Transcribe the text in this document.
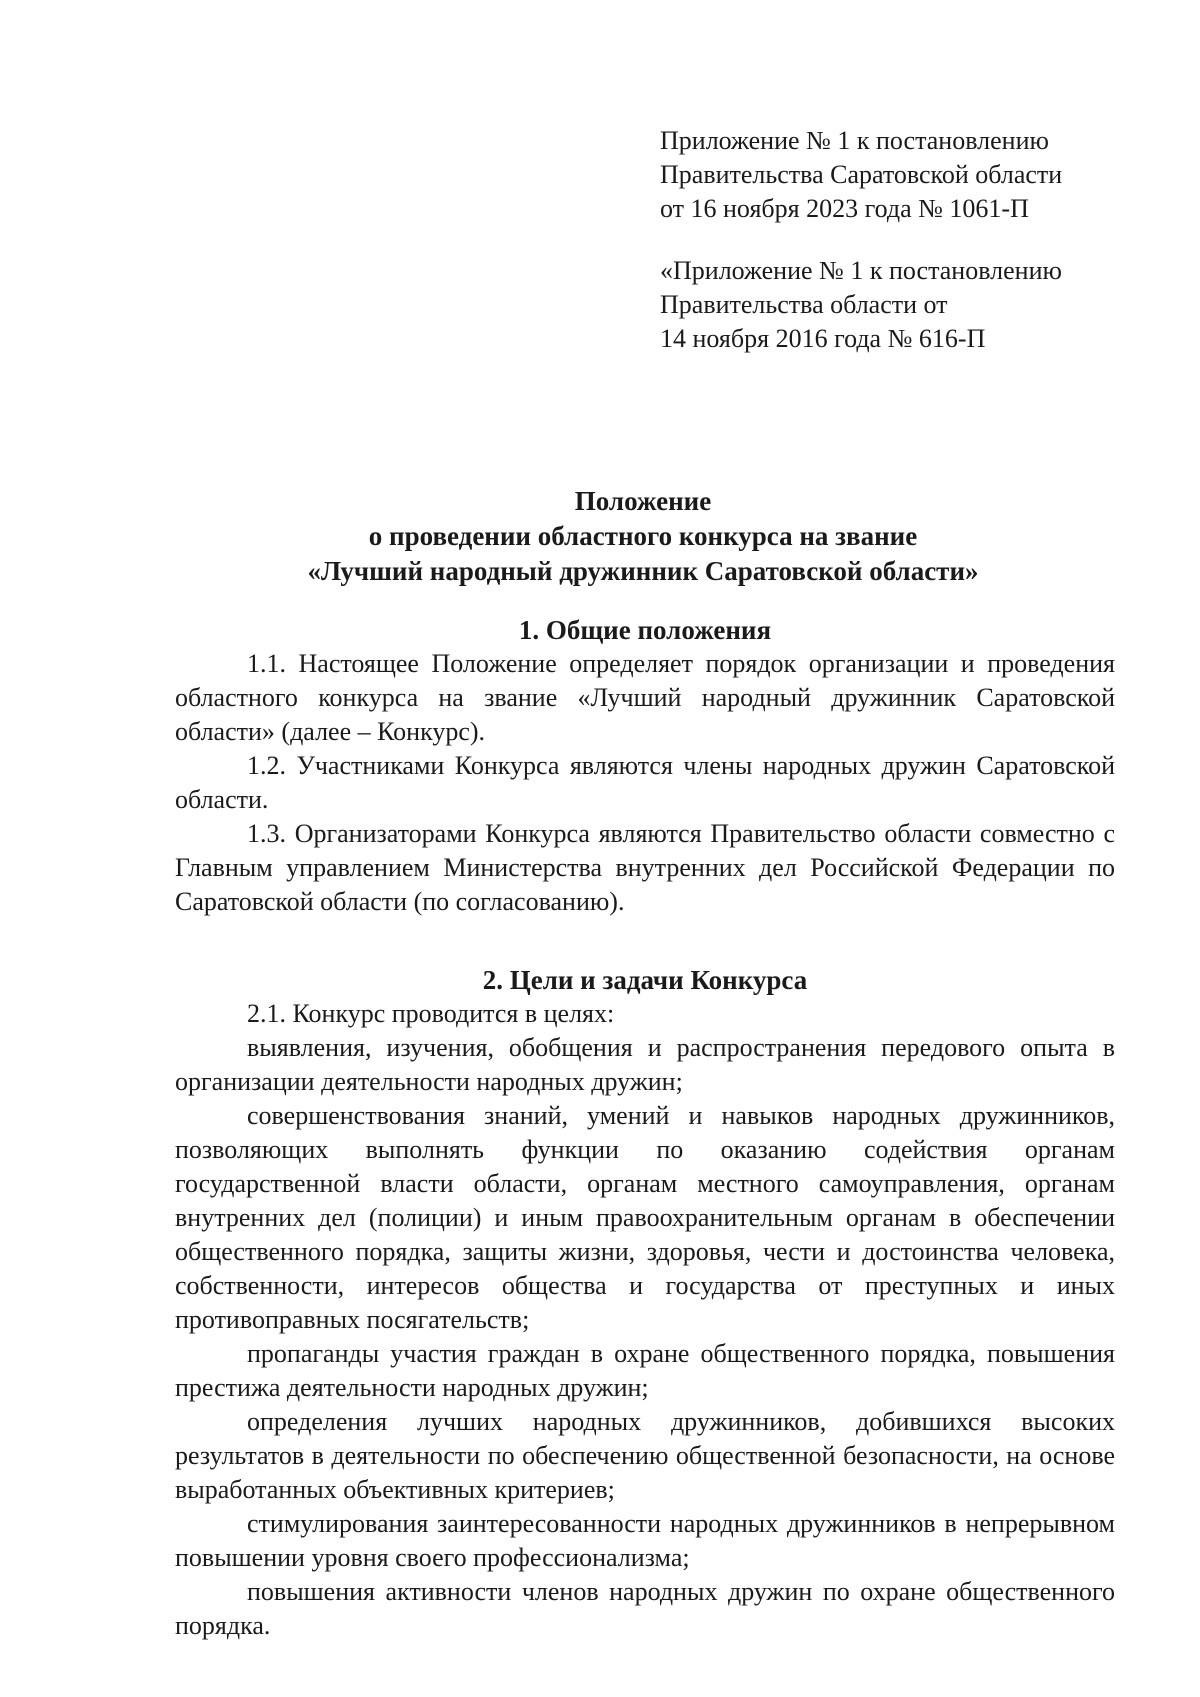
Приложение № 1 к постановлению
Правительства Саратовской области
от 16 ноября 2023 года № 1061-П
«Приложение № 1 к постановлению
Правительства области от
14 ноября 2016 года № 616-П
Положение
о проведении областного конкурса на звание
«Лучший народный дружинник Саратовской области»
1. Общие положения

1.1. Настоящее Положение определяет порядок организации и проведения областного конкурса на звание «Лучший народный дружинник Саратовской области» (далее – Конкурс).

1.2. Участниками Конкурса являются члены народных дружин Саратовской области.

1.3. Организаторами Конкурса являются Правительство области совместно с Главным управлением Министерства внутренних дел Российской Федерации по Саратовской области (по согласованию).

2. Цели и задачи Конкурса

2.1. Конкурс проводится в целях:

выявления, изучения, обобщения и распространения передового опыта в организации деятельности народных дружин;

совершенствования знаний, умений и навыков народных дружинников, позволяющих выполнять функции по оказанию содействия органам государственной власти области, органам местного самоуправления, органам внутренних дел (полиции) и иным правоохранительным органам в обеспечении общественного порядка, защиты жизни, здоровья, чести и достоинства человека, собственности, интересов общества и государства от преступных и иных противоправных посягательств;

пропаганды участия граждан в охране общественного порядка, повышения престижа деятельности народных дружин;

определения лучших народных дружинников, добившихся высоких результатов в деятельности по обеспечению общественной безопасности, на основе выработанных объективных критериев;

стимулирования заинтересованности народных дружинников в непрерывном повышении уровня своего профессионализма;

повышения активности членов народных дружин по охране общественного порядка.
